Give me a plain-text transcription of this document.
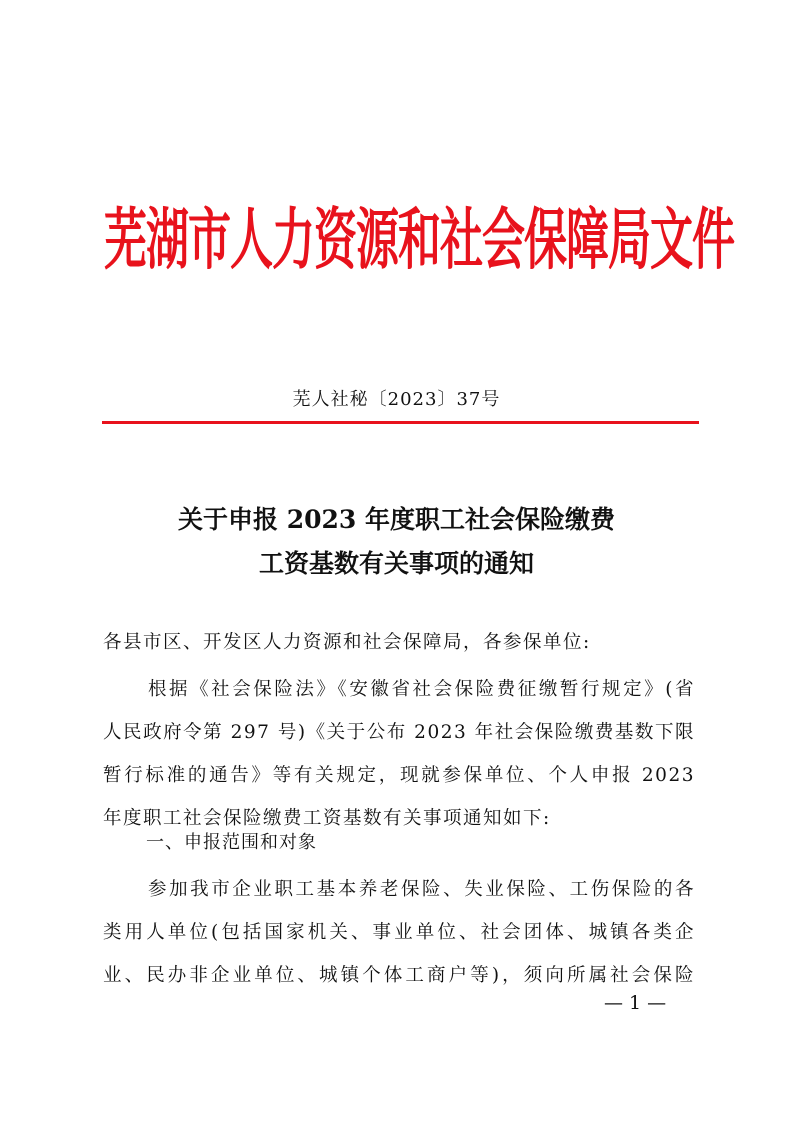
芜湖市人力资源和社会保障局文件
芜人社秘〔2023〕37号
关于申报 2023 年度职工社会保险缴费
工资基数有关事项的通知
各县市区、开发区人力资源和社会保障局，各参保单位:
根据《社会保险法》《安徽省社会保险费征缴暂行规定》(省
人民政府令第 297 号)《关于公布 2023 年社会保险缴费基数下限
暂行标准的通告》等有关规定，现就参保单位、个人申报 2023
年度职工社会保险缴费工资基数有关事项通知如下:
一、申报范围和对象
参加我市企业职工基本养老保险、失业保险、工伤保险的各
类用人单位(包括国家机关、事业单位、社会团体、城镇各类企
业、民办非企业单位、城镇个体工商户等)，须向所属社会保险
— 1 —
